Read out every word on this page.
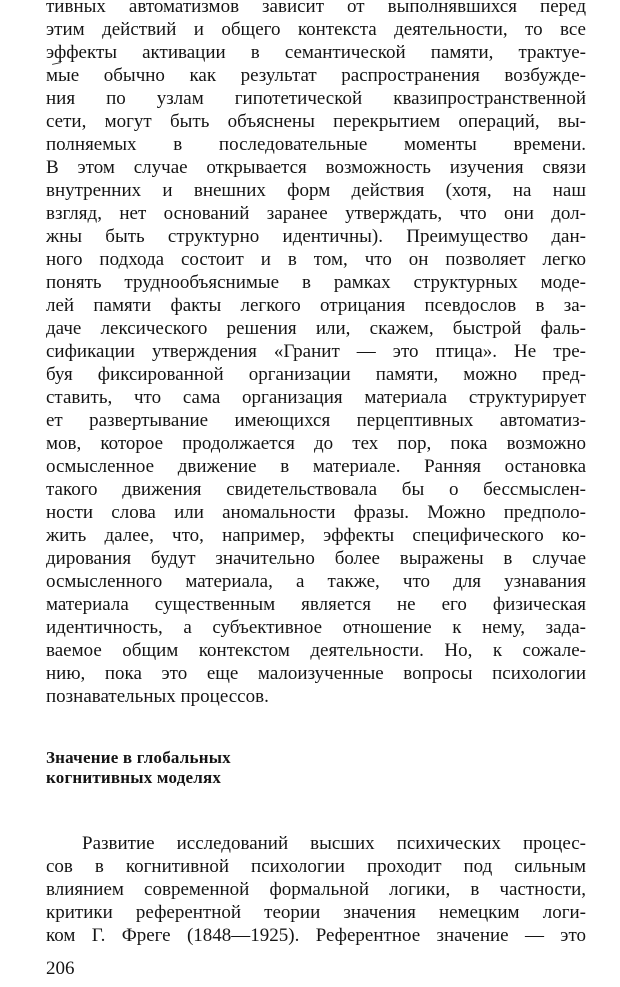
тивных автоматизмов зависит от выполнявшихся перед
этим действий и общего контекста деятельности, то все
эффекты активации в семантической памяти, трактуе-
мые обычно как результат распространения возбужде-
ния по узлам гипотетической квазипространственной
сети, могут быть объяснены перекрытием операций, вы-
полняемых в последовательные моменты времени.
В этом случае открывается возможность изучения связи
внутренних и внешних форм действия (хотя, на наш
взгляд, нет оснований заранее утверждать, что они дол-
жны быть структурно идентичны). Преимущество дан-
ного подхода состоит и в том, что он позволяет легко
понять труднообъяснимые в рамках структурных моде-
лей памяти факты легкого отрицания псевдослов в за-
даче лексического решения или, скажем, быстрой фаль-
сификации утверждения «Гранит — это птица». Не тре-
буя фиксированной организации памяти, можно пред-
ставить, что сама организация материала структурирует
ет развертывание имеющихся перцептивных автоматиз-
мов, которое продолжается до тех пор, пока возможно
осмысленное движение в материале. Ранняя остановка
такого движения свидетельствовала бы о бессмыслен-
ности слова или аномальности фразы. Можно предполо-
жить далее, что, например, эффекты специфического ко-
дирования будут значительно более выражены в случае
осмысленного материала, а также, что для узнавания
материала существенным является не его физическая
идентичность, а субъективное отношение к нему, зада-
ваемое общим контекстом деятельности. Но, к сожале-
нию, пока это еще малоизученные вопросы психологии
познавательных процессов.
Значение в глобальных
когнитивных моделях
Развитие исследований высших психических процес-
сов в когнитивной психологии проходит под сильным
влиянием современной формальной логики, в частности,
критики референтной теории значения немецким логи-
ком Г. Фреге (1848—1925). Референтное значение — это
206
